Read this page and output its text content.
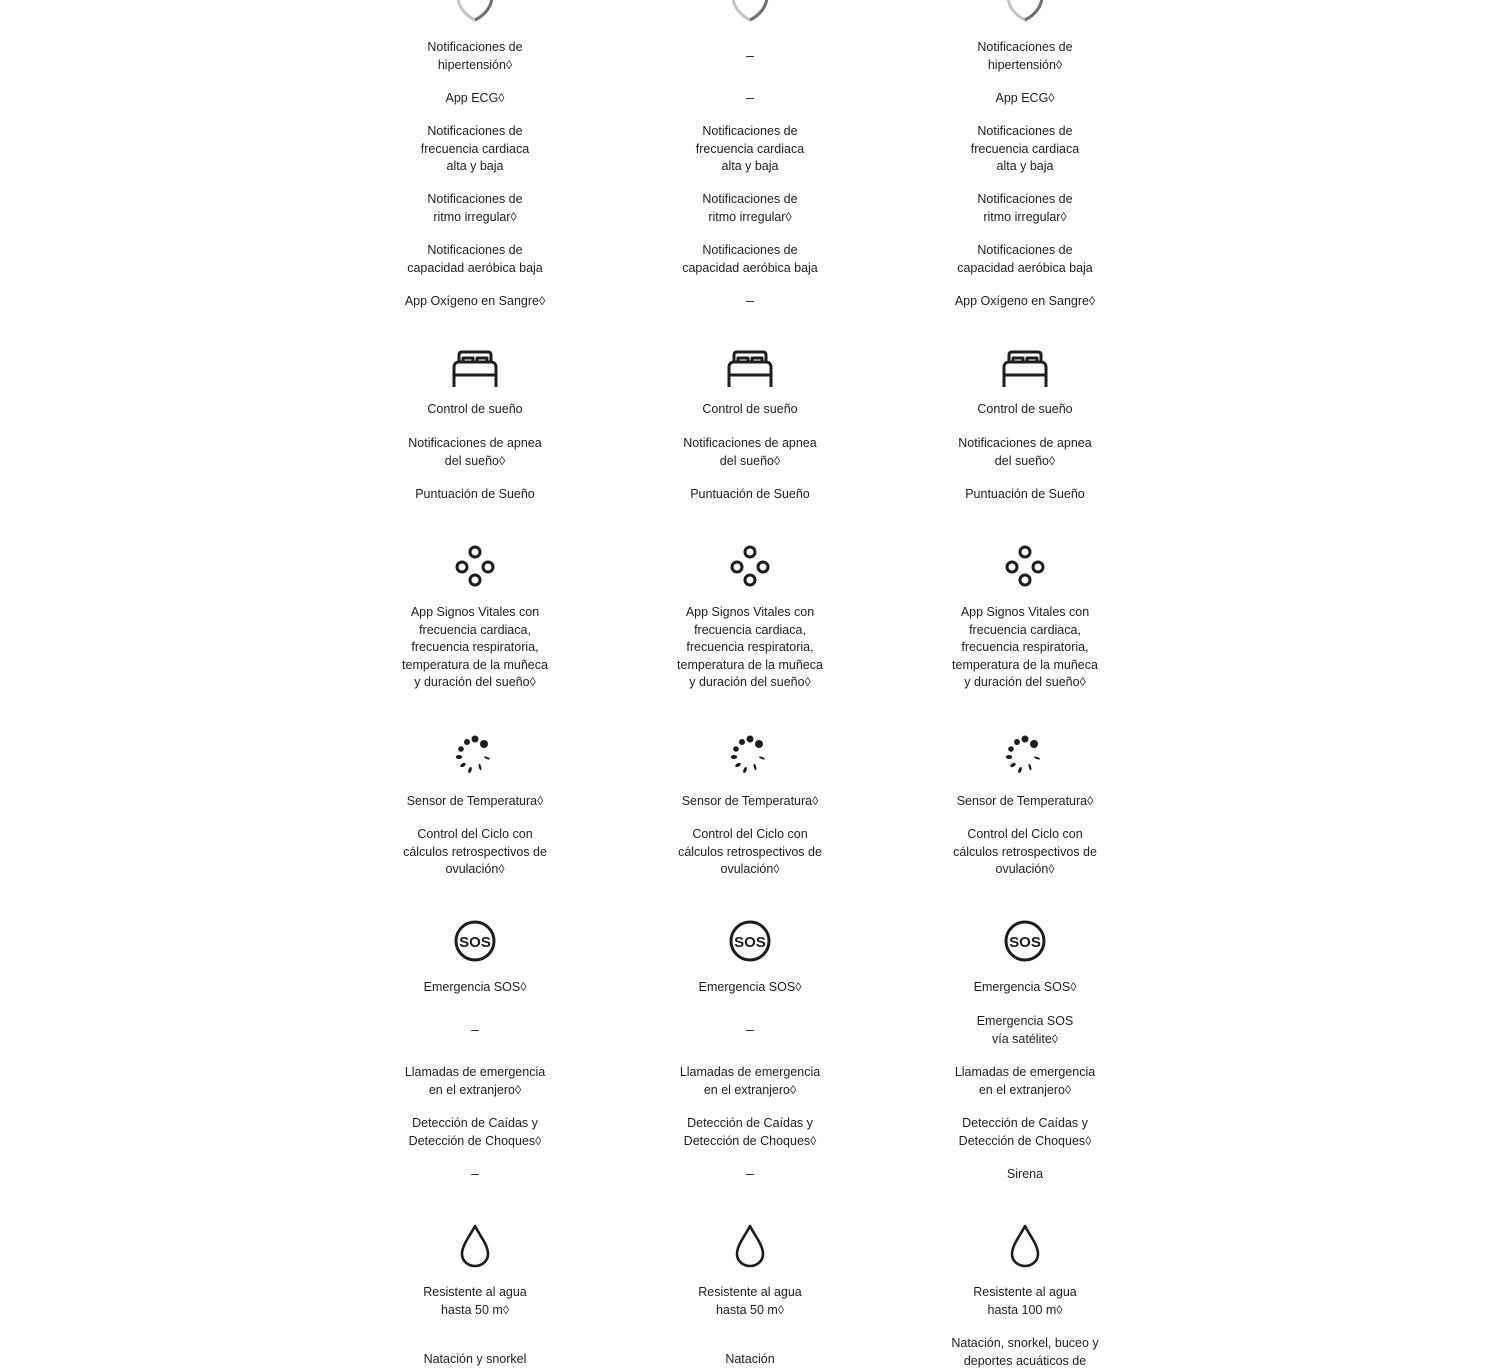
Notificaciones de
hipertensión◊

App ECG◊

Notificaciones de
frecuencia cardiaca
alta y baja

Notificaciones de
ritmo irregular◊

Notificaciones de
capacidad aeróbica baja

App Oxígeno en Sangre◊

Control de sueño

Notificaciones de apnea
del sueño◊

Puntuación de Sueño

App Signos Vitales con
frecuencia cardiaca,
frecuencia respiratoria,
temperatura de la muñeca
y duración del sueño◊

Sensor de Temperatura◊

Control del Ciclo con
cálculos retrospectivos de
ovulación◊

SOS

Emergencia SOS◊

–

Llamadas de emergencia
en el extranjero◊

Detección de Caídas y
Detección de Choques◊

–

Resistente al agua
hasta 50 m◊

Natación y snorkel

–

–

Notificaciones de
frecuencia cardiaca
alta y baja

Notificaciones de
ritmo irregular◊

Notificaciones de
capacidad aeróbica baja

–

Control de sueño

Notificaciones de apnea
del sueño◊

Puntuación de Sueño

App Signos Vitales con
frecuencia cardiaca,
frecuencia respiratoria,
temperatura de la muñeca
y duración del sueño◊

Sensor de Temperatura◊

Control del Ciclo con
cálculos retrospectivos de
ovulación◊

SOS

Emergencia SOS◊

–

Llamadas de emergencia
en el extranjero◊

Detección de Caídas y
Detección de Choques◊

–

Resistente al agua
hasta 50 m◊

Natación

Notificaciones de
hipertensión◊

App ECG◊

Notificaciones de
frecuencia cardiaca
alta y baja

Notificaciones de
ritmo irregular◊

Notificaciones de
capacidad aeróbica baja

App Oxígeno en Sangre◊

Control de sueño

Notificaciones de apnea
del sueño◊

Puntuación de Sueño

App Signos Vitales con
frecuencia cardiaca,
frecuencia respiratoria,
temperatura de la muñeca
y duración del sueño◊

Sensor de Temperatura◊

Control del Ciclo con
cálculos retrospectivos de
ovulación◊

SOS

Emergencia SOS◊

Emergencia SOS
vía satélite◊

Llamadas de emergencia
en el extranjero◊

Detección de Caídas y
Detección de Choques◊

Sirena

Resistente al agua
hasta 100 m◊

Natación, snorkel, buceo y
deportes acuáticos de
